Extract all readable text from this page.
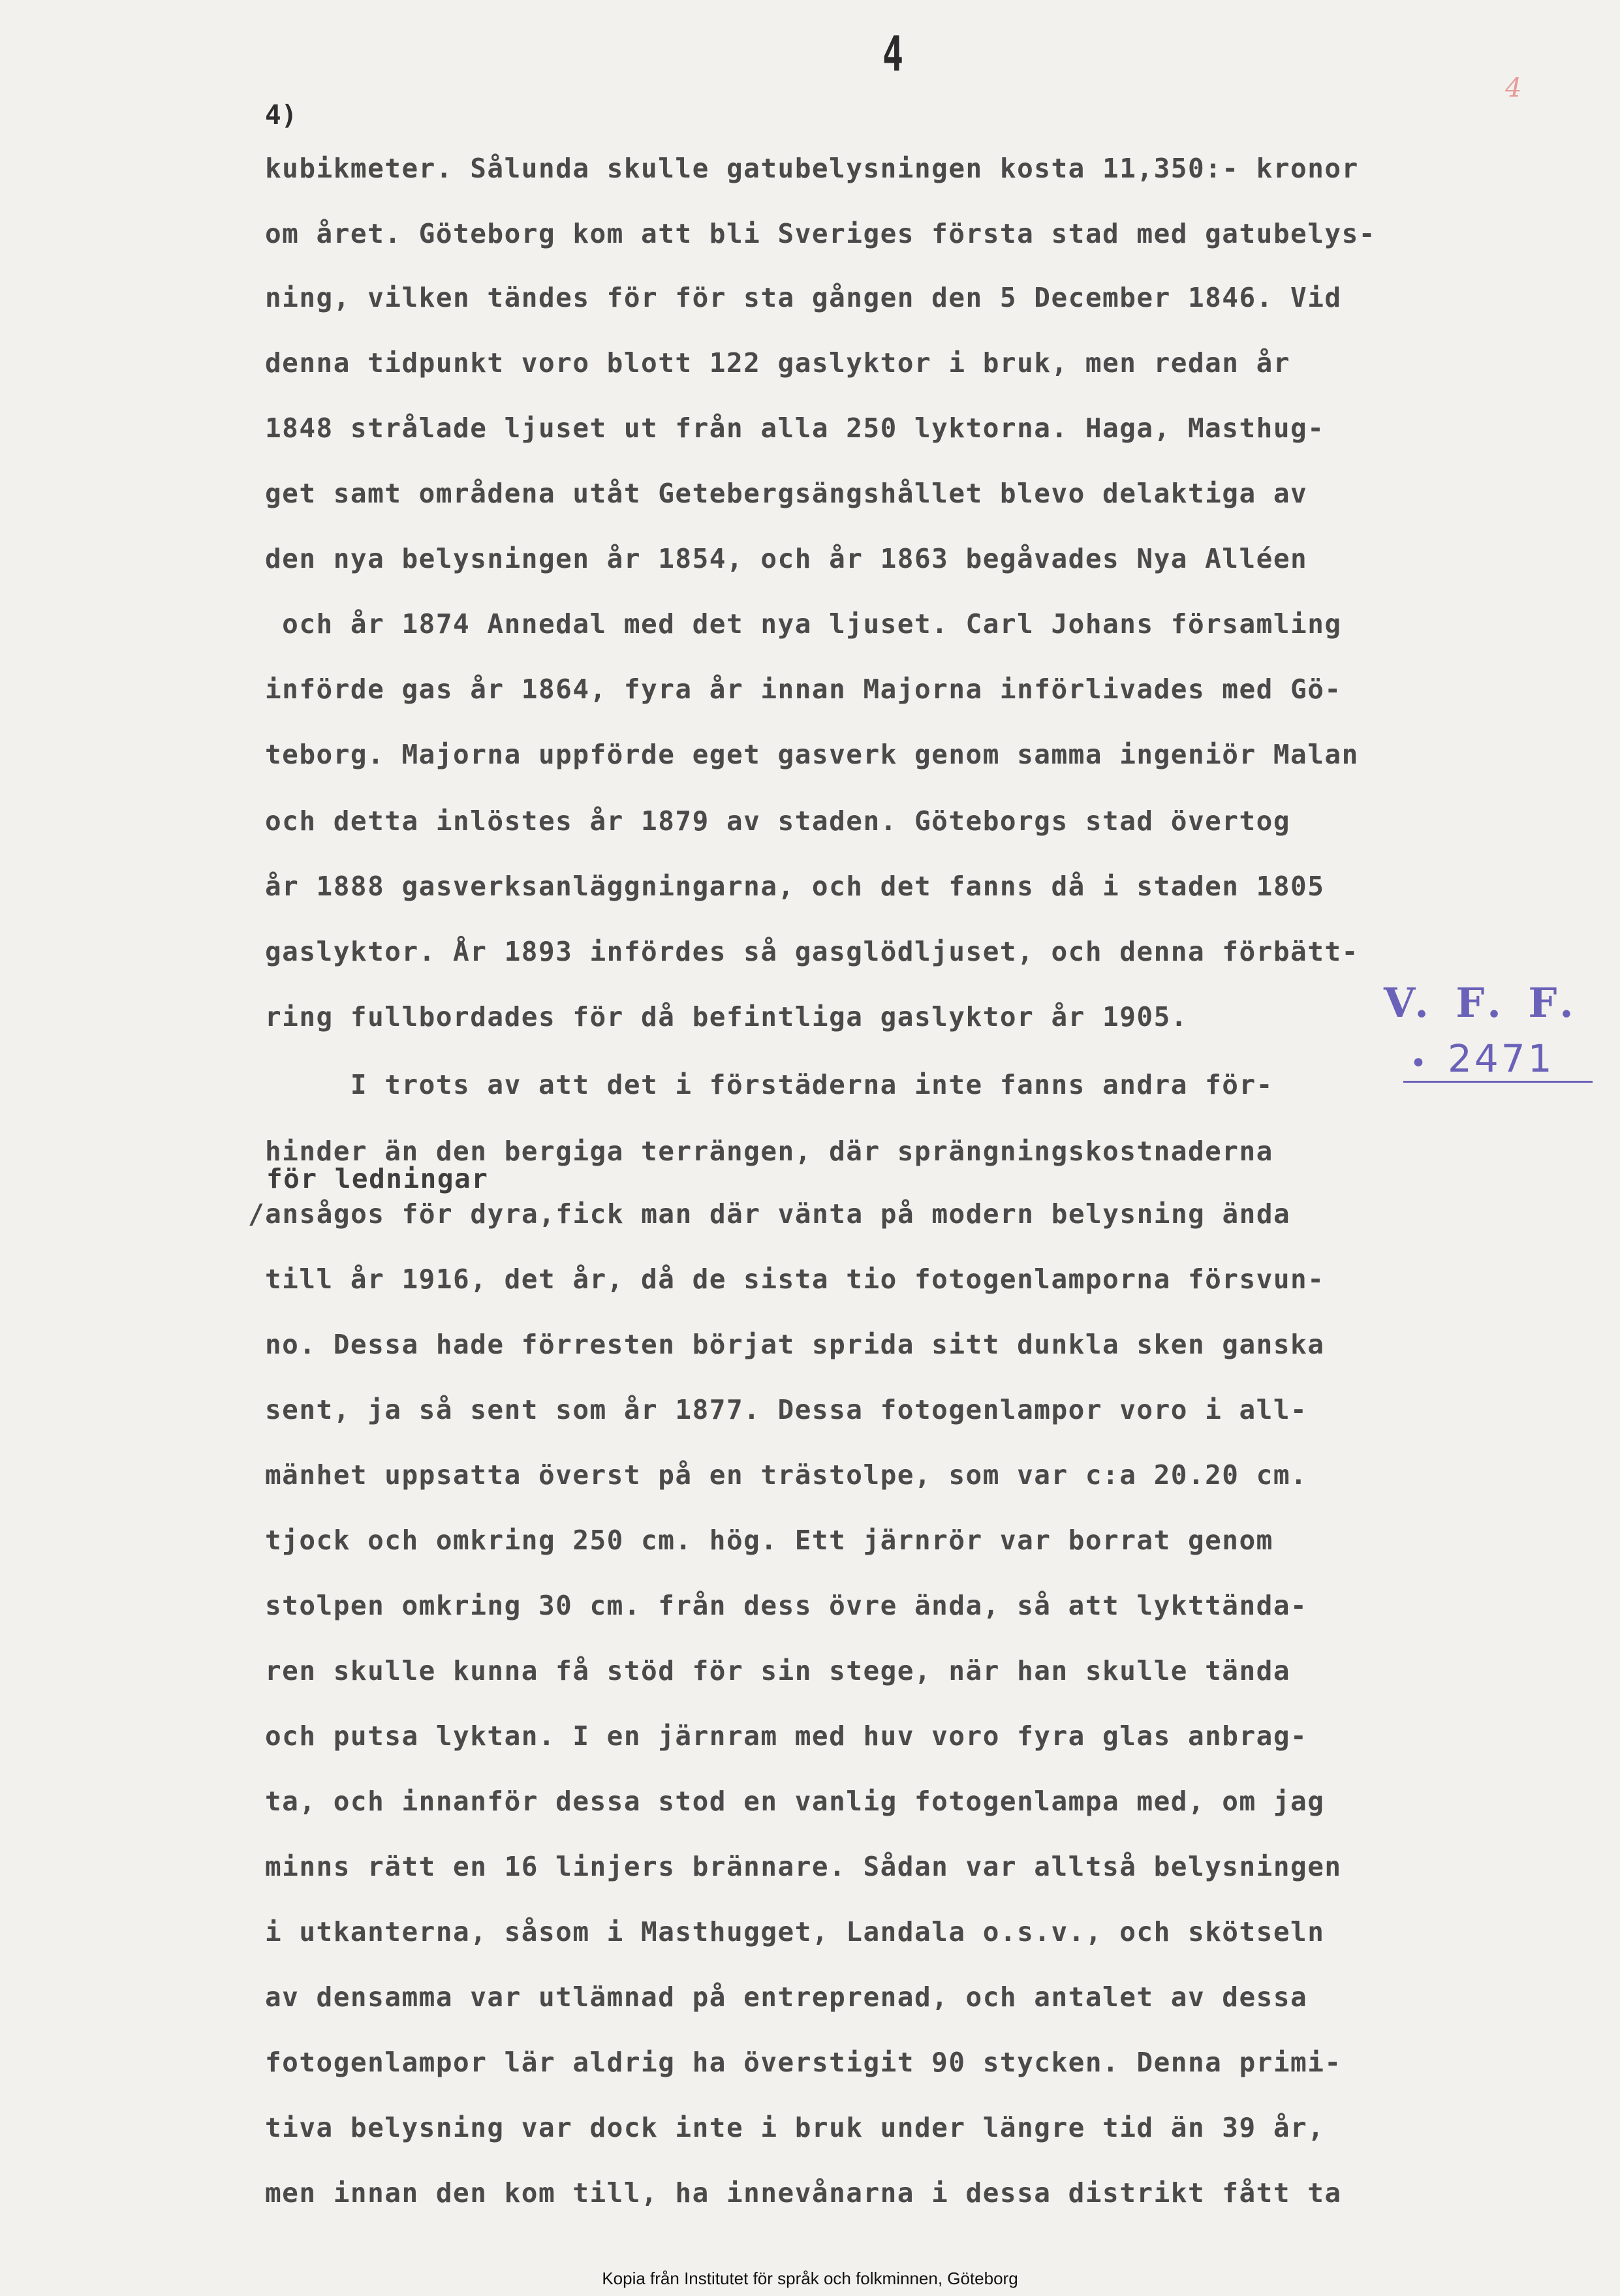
4
4
4)
kubikmeter. Sålunda skulle gatubelysningen kosta 11,350:- kronor
om året. Göteborg kom att bli Sveriges första stad med gatubelys-
ning, vilken tändes för för sta gången den 5 December 1846. Vid
denna tidpunkt voro blott 122 gaslyktor i bruk, men redan år
1848 strålade ljuset ut från alla 250 lyktorna. Haga, Masthug-
get samt områdena utåt Getebergsängshållet blevo delaktiga av
den nya belysningen år 1854, och år 1863 begåvades Nya Alléen
och år 1874 Annedal med det nya ljuset. Carl Johans församling
införde gas år 1864, fyra år innan Majorna införlivades med Gö-
teborg. Majorna uppförde eget gasverk genom samma ingeniör Malan
och detta inlöstes år 1879 av staden. Göteborgs stad övertog
år 1888 gasverksanläggningarna, och det fanns då i staden 1805
gaslyktor. År 1893 infördes så gasglödljuset, och denna förbätt-
ring fullbordades för då befintliga gaslyktor år 1905.
I trots av att det i förstäderna inte fanns andra för-
hinder än den bergiga terrängen, där sprängningskostnaderna
för ledningar
/ansågos för dyra,fick man där vänta på modern belysning ända
till år 1916, det år, då de sista tio fotogenlamporna försvun-
no. Dessa hade förresten börjat sprida sitt dunkla sken ganska
sent, ja så sent som år 1877. Dessa fotogenlampor voro i all-
mänhet uppsatta överst på en trästolpe, som var c:a 20.20 cm.
tjock och omkring 250 cm. hög. Ett järnrör var borrat genom
stolpen omkring 30 cm. från dess övre ända, så att lykttända-
ren skulle kunna få stöd för sin stege, när han skulle tända
och putsa lyktan. I en järnram med huv voro fyra glas anbrag-
ta, och innanför dessa stod en vanlig fotogenlampa med, om jag
minns rätt en 16 linjers brännare. Sådan var alltså belysningen
i utkanterna, såsom i Masthugget, Landala o.s.v., och skötseln
av densamma var utlämnad på entreprenad, och antalet av dessa
fotogenlampor lär aldrig ha överstigit 90 stycken. Denna primi-
tiva belysning var dock inte i bruk under längre tid än 39 år,
men innan den kom till, ha innevånarna i dessa distrikt fått ta
V. F. F.
• 2471
Kopia från Institutet för språk och folkminnen, Göteborg
